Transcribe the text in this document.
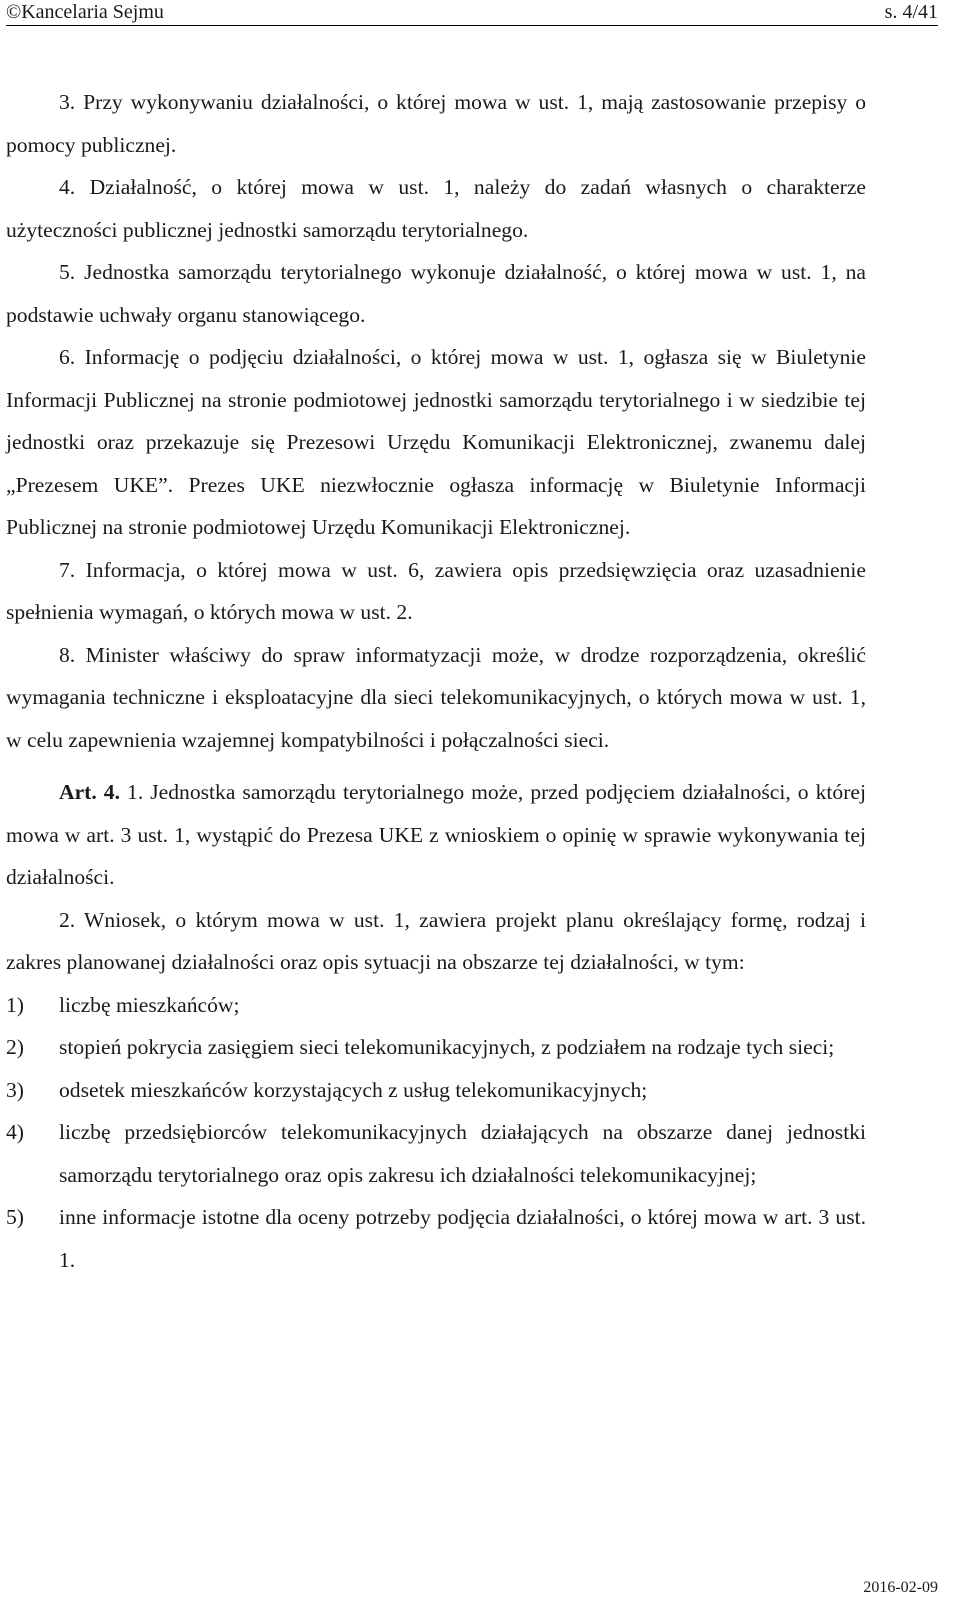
©Kancelaria Sejmu	s. 4/41

3. Przy wykonywaniu działalności, o której mowa w ust. 1, mają zastosowanie przepisy o pomocy publicznej.

4. Działalność, o której mowa w ust. 1, należy do zadań własnych o charakterze użyteczności publicznej jednostki samorządu terytorialnego.

5. Jednostka samorządu terytorialnego wykonuje działalność, o której mowa w ust. 1, na podstawie uchwały organu stanowiącego.

6. Informację o podjęciu działalności, o której mowa w ust. 1, ogłasza się w Biuletynie Informacji Publicznej na stronie podmiotowej jednostki samorządu terytorialnego i w siedzibie tej jednostki oraz przekazuje się Prezesowi Urzędu Komunikacji Elektronicznej, zwanemu dalej „Prezesem UKE”. Prezes UKE niezwłocznie ogłasza informację w Biuletynie Informacji Publicznej na stronie podmiotowej Urzędu Komunikacji Elektronicznej.

7. Informacja, o której mowa w ust. 6, zawiera opis przedsięwzięcia oraz uzasadnienie spełnienia wymagań, o których mowa w ust. 2.

8. Minister właściwy do spraw informatyzacji może, w drodze rozporządzenia, określić wymagania techniczne i eksploatacyjne dla sieci telekomunikacyjnych, o których mowa w ust. 1, w celu zapewnienia wzajemnej kompatybilności i połączalności sieci.

Art. 4. 1. Jednostka samorządu terytorialnego może, przed podjęciem działalności, o której mowa w art. 3 ust. 1, wystąpić do Prezesa UKE z wnioskiem o opinię w sprawie wykonywania tej działalności.

2. Wniosek, o którym mowa w ust. 1, zawiera projekt planu określający formę, rodzaj i zakres planowanej działalności oraz opis sytuacji na obszarze tej działalności, w tym:

1)	liczbę mieszkańców;
2)	stopień pokrycia zasięgiem sieci telekomunikacyjnych, z podziałem na rodzaje tych sieci;
3)	odsetek mieszkańców korzystających z usług telekomunikacyjnych;
4)	liczbę przedsiębiorców telekomunikacyjnych działających na obszarze danej jednostki samorządu terytorialnego oraz opis zakresu ich działalności telekomunikacyjnej;
5)	inne informacje istotne dla oceny potrzeby podjęcia działalności, o której mowa w art. 3 ust. 1.
2016-02-09
